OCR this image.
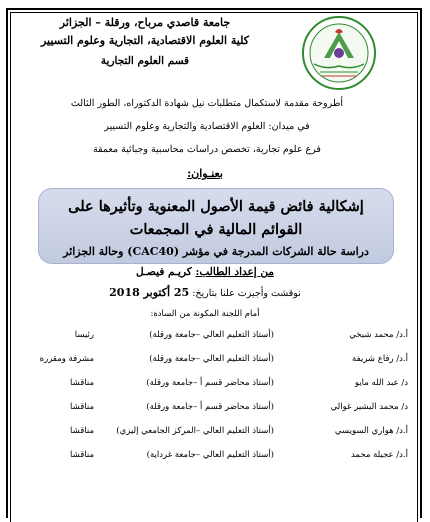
جامعة قاصدي مرباح، ورقلة – الجزائر
كلية العلوم الاقتصادية، التجارية وعلوم التسيير
قسم العلوم التجارية
أطروحة مقدمة لاستكمال متطلبات نيل شهادة الدكتوراه، الطور الثالث
في ميدان: العلوم الاقتصادية والتجارية وعلوم التسيير
فرع علوم تجارية، تخصص دراسات محاسبية وجبائية معمقة
بعنـوان:
إشكالية فائض قيمة الأصول المعنوية وتأثيرها على القوائم المالية في المجمعات
دراسة حالة الشركات المدرجة في مؤشر (CAC40) وحالة الجزائر
من إعداد الطالب: كريـم فيصـل
نوقشت وأجيزت علنا بتاريخ: 25 أكتوبر 2018
أمام اللجنة المكونة من السادة:
أ.د/ محمد شيخي
(أستاذ التعليم العالي –جامعة ورقلة)
رئيسا
أ.د/ رفاع شريفة
(أستاذ التعليم العالي –جامعة ورقلة)
مشرفة ومقررة
د/ عبد الله مايو
(أستاذ محاضر قسم أ –جامعة ورقلة)
مناقشا
د/ محمد البشير غوالي
(أستاذ محاضر قسم أ –جامعة ورقلة)
مناقشا
أ.د/ هواري السويسي
(أستاذ التعليم العالي –المركز الجامعي إليزي)
مناقشا
أ.د/ عجيلة محمد
(أستاذ التعليم العالي –جامعة غرداية)
مناقشا
